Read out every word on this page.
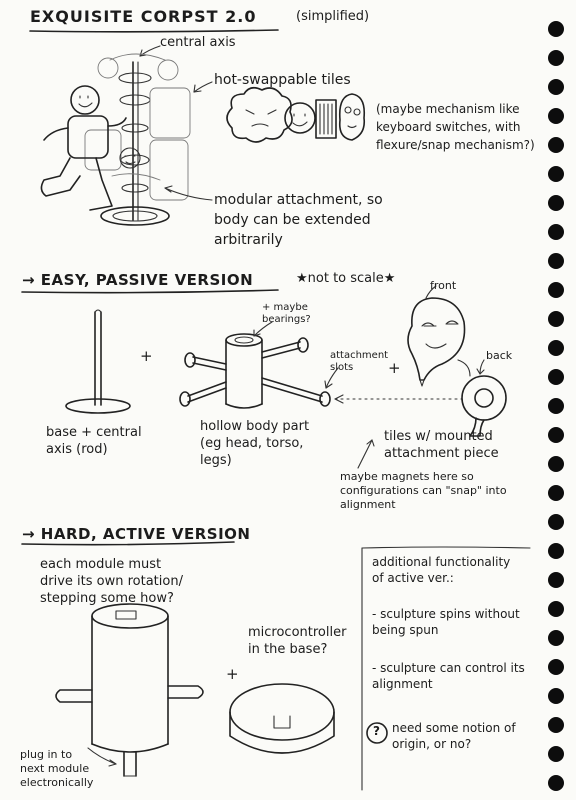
EXQUISITE CORPST 2.0	(simplified)
central axis
hot-swappable tiles
(maybe mechanism like keyboard switches, with flexure/snap mechanism?)
modular attachment, so body can be extended arbitrarily
→ EASY, PASSIVE VERSION	★not to scale★
base + central axis (rod)
+
+ maybe bearings?
hollow body part (eg head, torso, legs)
attachment slots	+
front
back
tiles w/ mounted attachment piece
maybe magnets here so configurations can "snap" into alignment
→ HARD, ACTIVE VERSION
each module must drive its own rotation/ stepping some how?
microcontroller in the base?
+
plug in to next module electronically
additional functionality of active ver.:
- sculpture spins without being spun
- sculpture can control its alignment
? need some notion of origin, or no?
